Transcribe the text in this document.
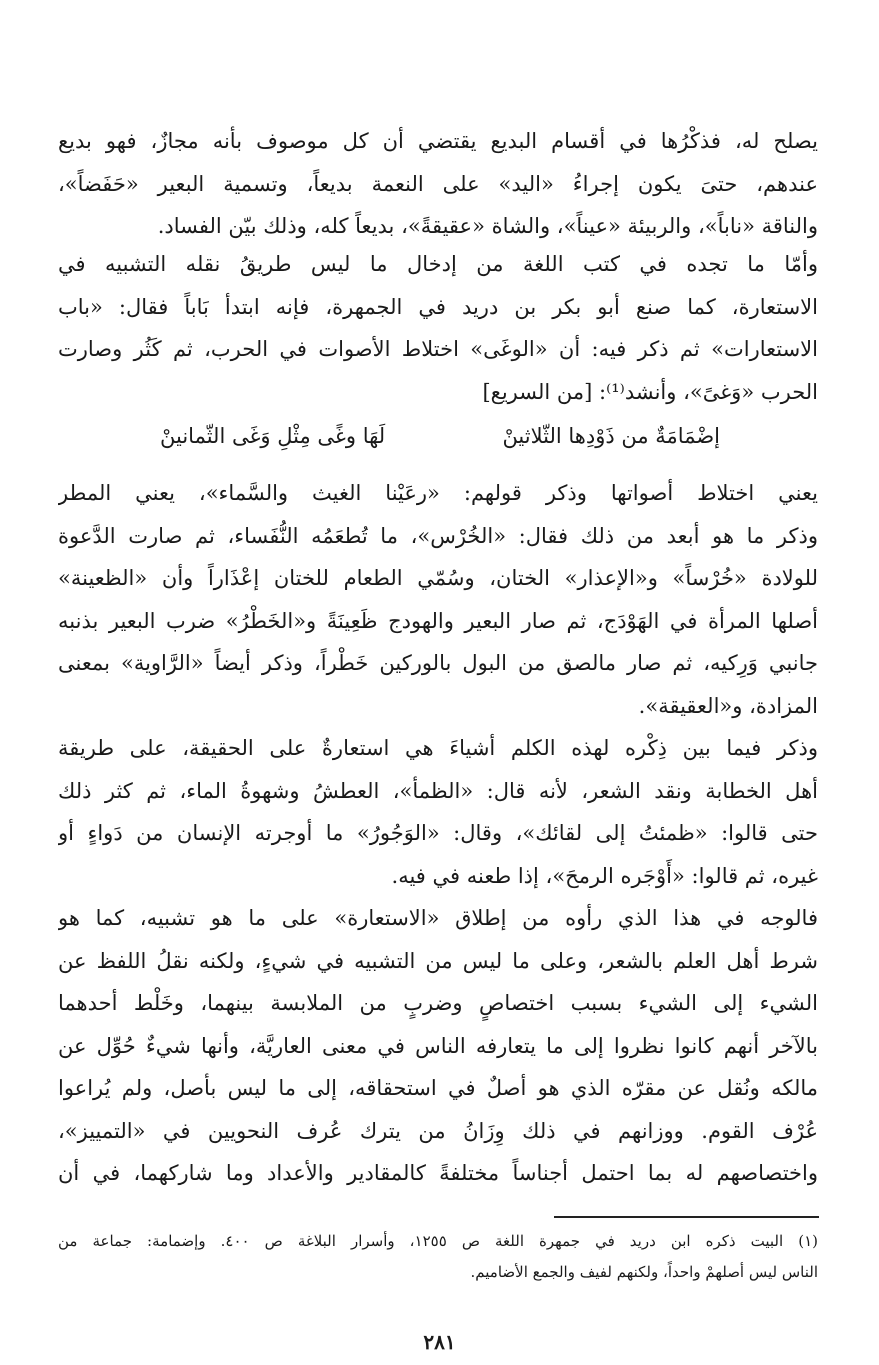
يصلح له، فذكْرُها في أقسام البديع يقتضي أن كل موصوف بأنه مجازٌ، فهو بديع
عندهم، حتىَ يكون إجراءُ «اليد» على النعمة بديعاً، وتسمية البعير «حَفَضاً»،
والناقة «ناباً»، والربيئة «عيناً»، والشاة «عقيقةً»، بديعاً كله، وذلك بيّن الفساد.
وأمّا ما تجده في كتب اللغة من إدخال ما ليس طريقُ نقله التشبيه في
الاستعارة، كما صنع أبو بكر بن دريد في الجمهرة، فإنه ابتدأ بَاباً فقال: «باب
الاستعارات» ثم ذكر فيه: أن «الوغَى» اختلاط الأصوات في الحرب، ثم كَثُر وصارت
الحرب «وَغىً»، وأنشد⁽¹⁾: [من السريع]
إضْمَامَةٌ من ذَوْدِها الثّلاثينْ
لَهَا وغًى مِثْلِ وَغَى الثّمانينْ
يعني اختلاط أصواتها وذكر قولهم: «رعَيْنا الغيث والسَّماء»، يعني المطر
وذكر ما هو أبعد من ذلك فقال: «الخُرْس»، ما تُطعَمُه النُّفَساء، ثم صارت الدَّعوة
للولادة «خُرْساً» و«الإعذار» الختان، وسُمّي الطعام للختان إعْذَاراً وأن «الظعينة»
أصلها المرأة في الهَوْدَج، ثم صار البعير والهودج ظَعِينَةً و«الخَطْرُ» ضرب البعير بذنبه
جانبي وَرِكيه، ثم صار مالصق من البول بالوركين خَطْراً، وذكر أيضاً «الرَّاوية» بمعنى
المزادة، و«العقيقة».
وذكر فيما بين ذِكْره لهذه الكلم أشياءَ هي استعارةٌ على الحقيقة، على طريقة
أهل الخطابة ونقد الشعر، لأنه قال: «الظمأ»، العطشُ وشهوةُ الماء، ثم كثر ذلك
حتى قالوا: «ظمئتُ إلى لقائك»، وقال: «الوَجُورُ» ما أوجرته الإنسان من دَواءٍ أو
غيره، ثم قالوا: «أَوْجَره الرمحَ»، إذا طعنه في فيه.
فالوجه في هذا الذي رأوه من إطلاق «الاستعارة» على ما هو تشبيه، كما هو
شرط أهل العلم بالشعر، وعلى ما ليس من التشبيه في شيءٍ، ولكنه نقلُ اللفظ عن
الشيء إلى الشيء بسبب اختصاصٍ وضربٍ من الملابسة بينهما، وخَلْط أحدهما
بالآخر أنهم كانوا نظروا إلى ما يتعارفه الناس في معنى العاريَّة، وأنها شيءٌ حُوِّل عن
مالكه ونُقل عن مقرّه الذي هو أصلٌ في استحقاقه، إلى ما ليس بأصل، ولم يُراعوا
عُرْف القوم. ووزانهم في ذلك وِزَانُ من يترك عُرف النحويين في «التمييز»،
واختصاصهم له بما احتمل أجناساً مختلفةً كالمقادير والأعداد وما شاركهما، في أن
(١) البيت ذكره ابن دريد في جمهرة اللغة ص ١٢٥٥، وأسرار البلاغة ص ٤٠٠. وإضمامة: جماعة من
الناس ليس أصلهمْ واحداً، ولكنهم لفيف والجمع الأضاميم.
٢٨١
